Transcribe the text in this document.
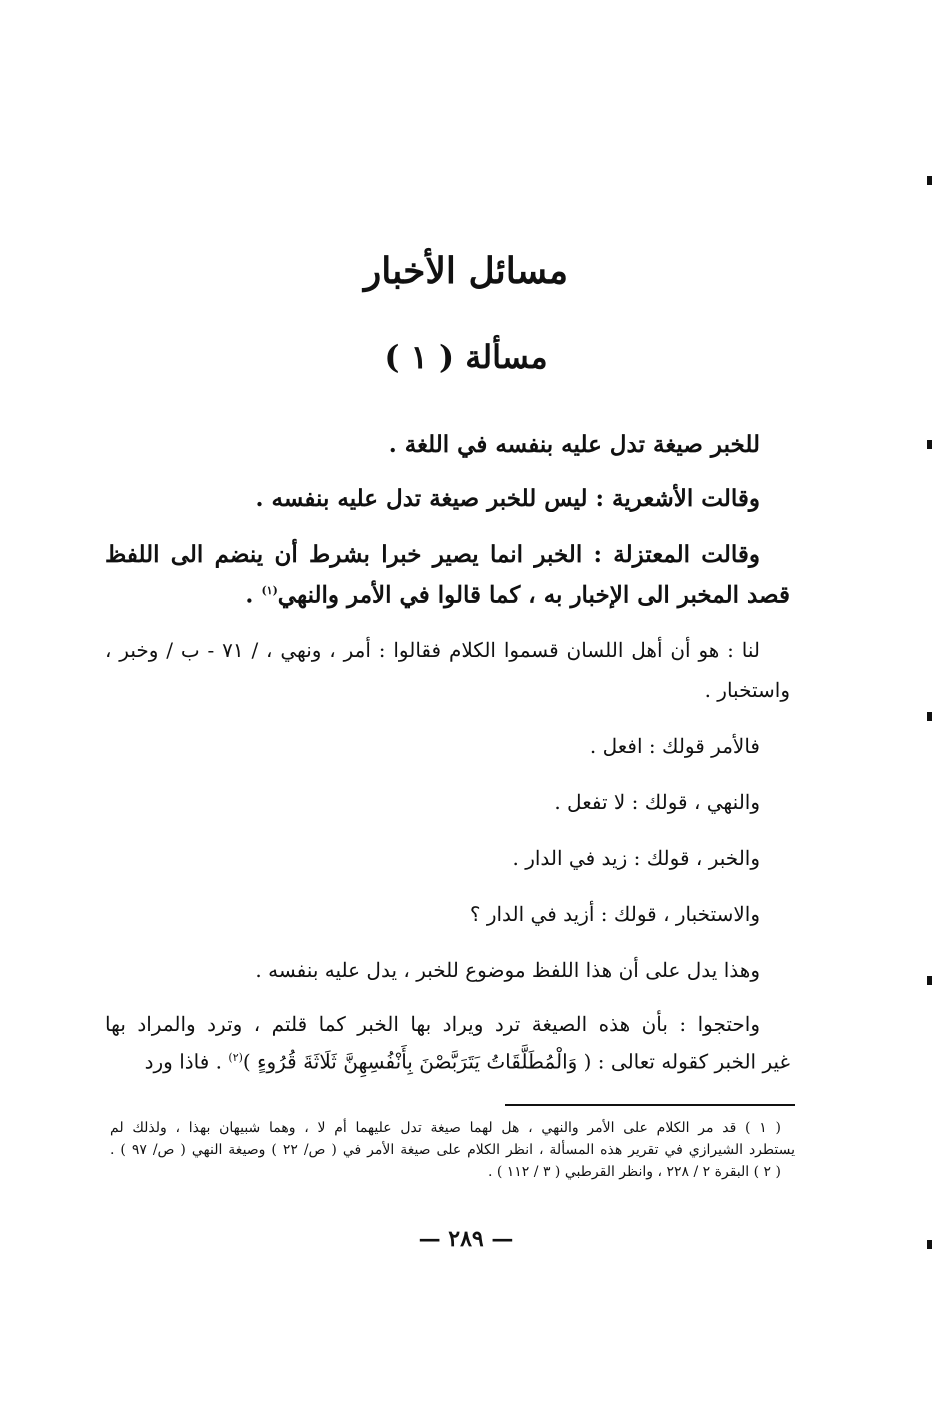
مسائل الأخبار
مسألة ( ١ )
للخبر صيغة تدل عليه بنفسه في اللغة .
وقالت الأشعرية : ليس للخبر صيغة تدل عليه بنفسه .
وقالت المعتزلة : الخبر انما يصير خبرا بشرط أن ينضم الى اللفظ
قصد المخبر الى الإخبار به ، كما قالوا في الأمر والنهي$^{(١)}$ .
لنا : هو أن أهل اللسان قسموا الكلام فقالوا : أمر ، ونهي ، / ٧١ - ب / وخبر ،
واستخبار .
فالأمر قولك : افعل .
والنهي ، قولك : لا تفعل .
والخبر ، قولك : زيد في الدار .
والاستخبار ، قولك : أزيد في الدار ؟
وهذا يدل على أن هذا اللفظ موضوع للخبر ، يدل عليه بنفسه .
واحتجوا : بأن هذه الصيغة ترد ويراد بها الخبر كما قلتم ، وترد والمراد بها
غير الخبر كقوله تعالى : ( وَالْمُطَلَّقَاتُ يَتَرَبَّصْنَ بِأَنْفُسِهِنَّ ثَلَاثَةَ قُرُوءٍ )$^{(٢)}$ . فاذا ورد
( ١ ) قد مر الكلام على الأمر والنهي ، هل لهما صيغة تدل عليهما أم لا ، وهما شبيهان بهذا ، ولذلك لم
يستطرد الشيرازي في تقرير هذه المسألة ، انظر الكلام على صيغة الأمر في ( ص/ ٢٢ ) وصيغة النهي ( ص/ ٩٧ ) .
( ٢ ) البقرة ٢ / ٢٢٨ ، وانظر القرطبي ( ٣ / ١١٢ ) .
— ٢٨٩ —
